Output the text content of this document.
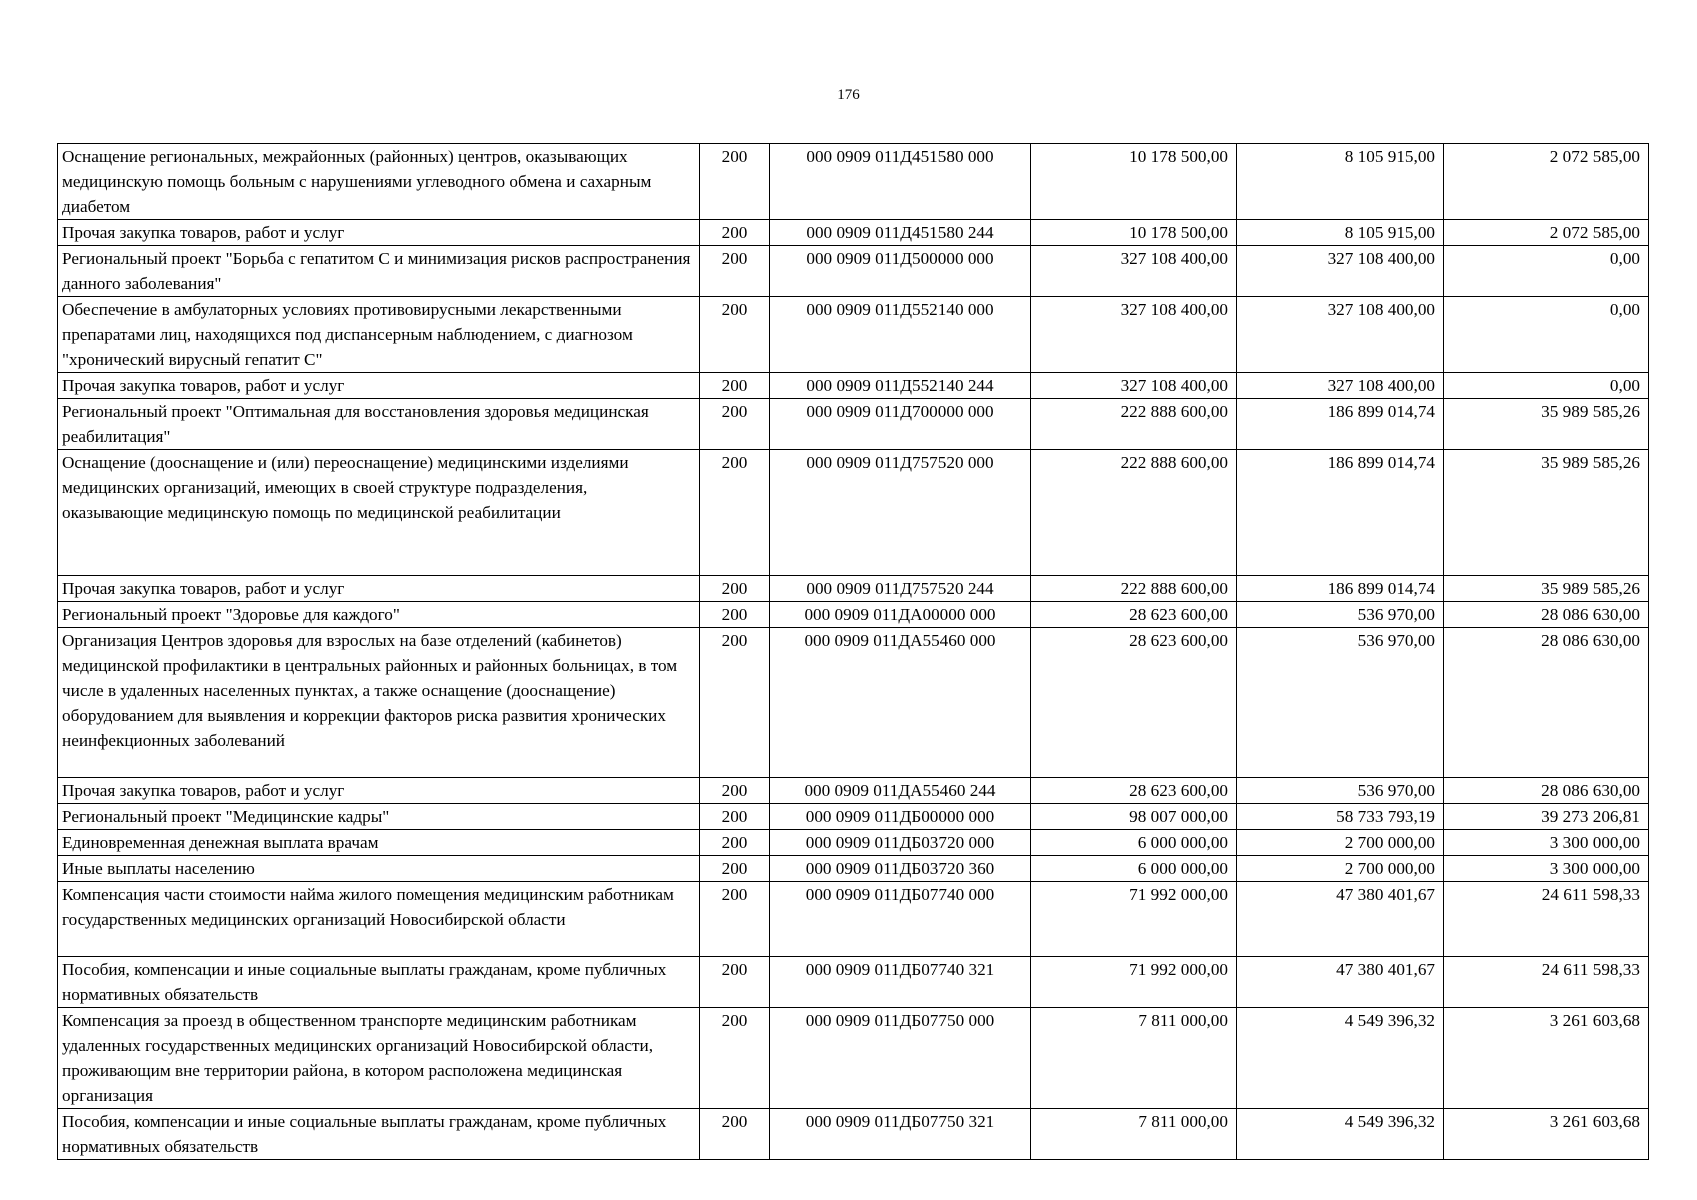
176
Оснащение региональных, межрайонных (районных) центров, оказывающих медицинскую помощь больным с нарушениями углеводного обмена и сахарным диабетом	200	000 0909 011Д451580 000	10 178 500,00	8 105 915,00	2 072 585,00
Прочая закупка товаров, работ и услуг	200	000 0909 011Д451580 244	10 178 500,00	8 105 915,00	2 072 585,00
Региональный проект "Борьба с гепатитом С и минимизация рисков распространения данного заболевания"	200	000 0909 011Д500000 000	327 108 400,00	327 108 400,00	0,00
Обеспечение в амбулаторных условиях противовирусными лекарственными препаратами лиц, находящихся под диспансерным наблюдением, с диагнозом "хронический вирусный гепатит С"	200	000 0909 011Д552140 000	327 108 400,00	327 108 400,00	0,00
Прочая закупка товаров, работ и услуг	200	000 0909 011Д552140 244	327 108 400,00	327 108 400,00	0,00
Региональный проект "Оптимальная для восстановления здоровья медицинская реабилитация"	200	000 0909 011Д700000 000	222 888 600,00	186 899 014,74	35 989 585,26
Оснащение (дооснащение и (или) переоснащение) медицинскими изделиями медицинских организаций, имеющих в своей структуре подразделения, оказывающие медицинскую помощь по медицинской реабилитации	200	000 0909 011Д757520 000	222 888 600,00	186 899 014,74	35 989 585,26
Прочая закупка товаров, работ и услуг	200	000 0909 011Д757520 244	222 888 600,00	186 899 014,74	35 989 585,26
Региональный проект "Здоровье для каждого"	200	000 0909 011ДА00000 000	28 623 600,00	536 970,00	28 086 630,00
Организация Центров здоровья для взрослых на базе отделений (кабинетов) медицинской профилактики в центральных районных и районных больницах, в том числе в удаленных населенных пунктах, а также оснащение (дооснащение) оборудованием для выявления и коррекции факторов риска развития хронических неинфекционных заболеваний	200	000 0909 011ДА55460 000	28 623 600,00	536 970,00	28 086 630,00
Прочая закупка товаров, работ и услуг	200	000 0909 011ДА55460 244	28 623 600,00	536 970,00	28 086 630,00
Региональный проект "Медицинские кадры"	200	000 0909 011ДБ00000 000	98 007 000,00	58 733 793,19	39 273 206,81
Единовременная денежная выплата врачам	200	000 0909 011ДБ03720 000	6 000 000,00	2 700 000,00	3 300 000,00
Иные выплаты населению	200	000 0909 011ДБ03720 360	6 000 000,00	2 700 000,00	3 300 000,00
Компенсация части стоимости найма жилого помещения медицинским работникам государственных медицинских организаций Новосибирской области	200	000 0909 011ДБ07740 000	71 992 000,00	47 380 401,67	24 611 598,33
Пособия, компенсации и иные социальные выплаты гражданам, кроме публичных нормативных обязательств	200	000 0909 011ДБ07740 321	71 992 000,00	47 380 401,67	24 611 598,33
Компенсация за проезд в общественном транспорте медицинским работникам удаленных государственных медицинских организаций Новосибирской области, проживающим вне территории района, в котором расположена медицинская организация	200	000 0909 011ДБ07750 000	7 811 000,00	4 549 396,32	3 261 603,68
Пособия, компенсации и иные социальные выплаты гражданам, кроме публичных нормативных обязательств	200	000 0909 011ДБ07750 321	7 811 000,00	4 549 396,32	3 261 603,68
